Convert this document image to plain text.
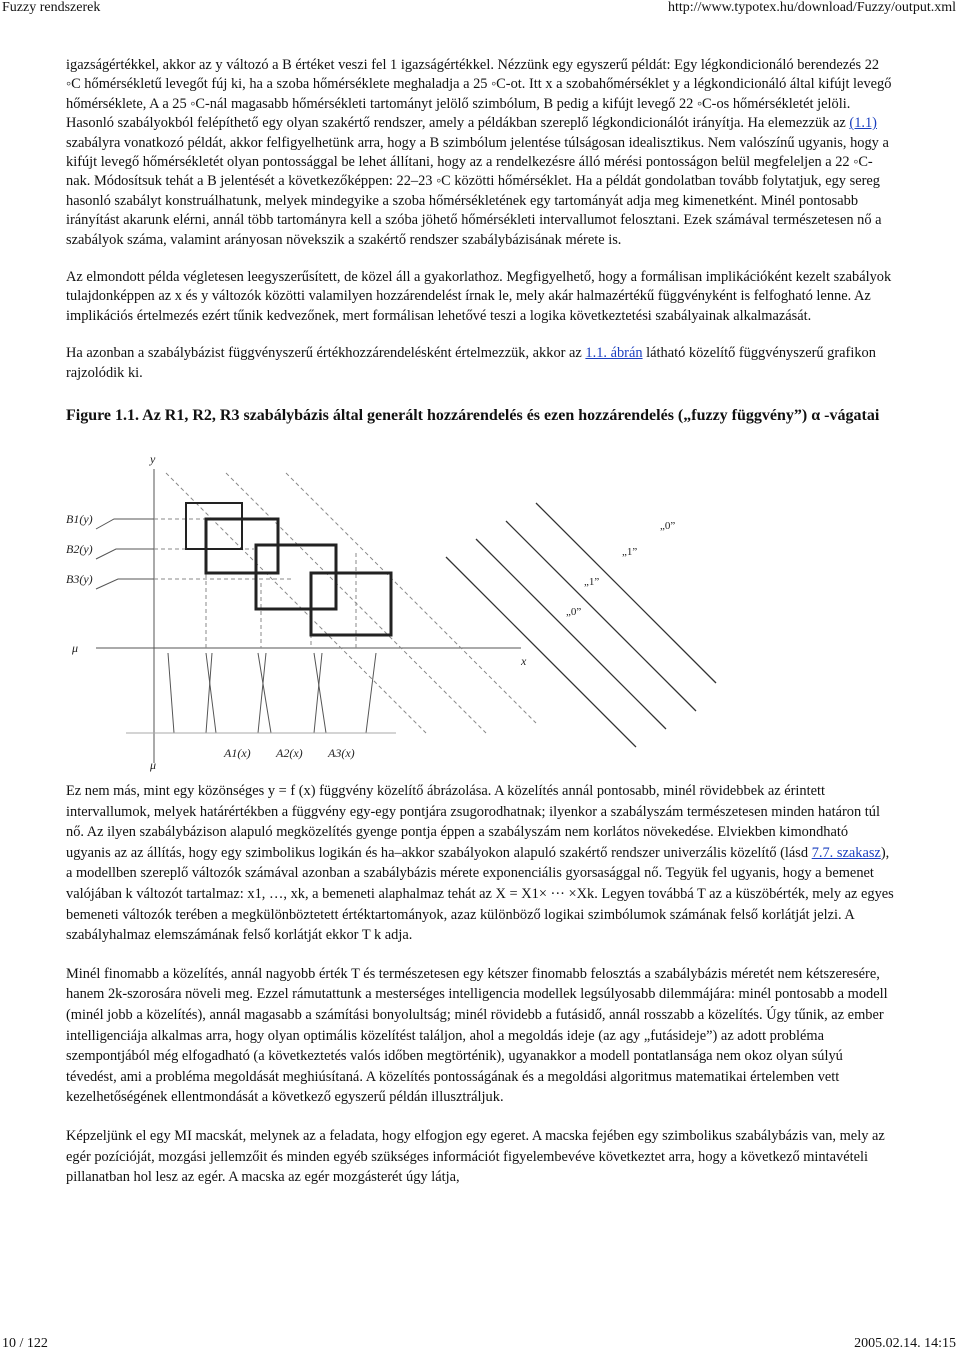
Fuzzy rendszerek	http://www.typotex.hu/download/Fuzzy/output.xml

igazságértékkel, akkor az y változó a B értéket veszi fel 1 igazságértékkel. Nézzünk egy egyszerű példát: Egy légkondicionáló berendezés 22 ◦C hőmérsékletű levegőt fúj ki, ha a szoba hőmérséklete meghaladja a 25 ◦C-ot. Itt x a szobahőmérséklet y a légkondicionáló által kifújt levegő hőmérséklete, A a 25 ◦C-nál magasabb hőmérsékleti tartományt jelölő szimbólum, B pedig a kifújt levegő 22 ◦C-os hőmérsékletét jelöli. Hasonló szabályokból felépíthető egy olyan szakértő rendszer, amely a példákban szereplő légkondicionálót irányítja. Ha elemezzük az (1.1) szabályra vonatkozó példát, akkor felfigyelhetünk arra, hogy a B szimbólum jelentése túlságosan idealisztikus. Nem valószínű ugyanis, hogy a kifújt levegő hőmérsékletét olyan pontossággal be lehet állítani, hogy az a rendelkezésre álló mérési pontosságon belül megfeleljen a 22 ◦C-nak. Módosítsuk tehát a B jelentését a következőképpen: 22–23 ◦C közötti hőmérséklet. Ha a példát gondolatban tovább folytatjuk, egy sereg hasonló szabályt konstruálhatunk, melyek mindegyike a szoba hőmérsékletének egy tartományát adja meg kimenetként. Minél pontosabb irányítást akarunk elérni, annál több tartományra kell a szóba jöhető hőmérsékleti intervallumot felosztani. Ezek számával természetesen nő a szabályok száma, valamint arányosan növekszik a szakértő rendszer szabálybázisának mérete is.

Az elmondott példa végletesen leegyszerűsített, de közel áll a gyakorlathoz. Megfigyelhető, hogy a formálisan implikációként kezelt szabályok tulajdonképpen az x és y változók közötti valamilyen hozzárendelést írnak le, mely akár halmazértékű függvényként is felfogható lenne. Az implikációs értelmezés ezért tűnik kedvezőnek, mert formálisan lehetővé teszi a logika következtetési szabályainak alkalmazását.

Ha azonban a szabálybázist függvényszerű értékhozzárendelésként értelmezzük, akkor az 1.1. ábrán látható közelítő függvényszerű grafikon rajzolódik ki.

Figure 1.1. Az R1, R2, R3 szabálybázis által generált hozzárendelés és ezen hozzárendelés („fuzzy függvény”) α -vágatai
y
x
μ
μ
B1(y)
B2(y)
B3(y)
A1(x) A2(x) A3(x)
„0”
„1”
„1”
„0”

Ez nem más, mint egy közönséges y = f (x) függvény közelítő ábrázolása. A közelítés annál pontosabb, minél rövidebbek az érintett intervallumok, melyek határértékben a függvény egy-egy pontjára zsugorodhatnak; ilyenkor a szabályszám természetesen minden határon túl nő. Az ilyen szabálybázison alapuló megközelítés gyenge pontja éppen a szabályszám nem korlátos növekedése. Elviekben kimondható ugyanis az az állítás, hogy egy szimbolikus logikán és ha–akkor szabályokon alapuló szakértő rendszer univerzális közelítő (lásd 7.7. szakasz), a modellben szereplő változók számával azonban a szabálybázis mérete exponenciális gyorsasággal nő. Tegyük fel ugyanis, hogy a bemenet valójában k változót tartalmaz: x1, …, xk, a bemeneti alaphalmaz tehát az X = X1× ··· ×Xk. Legyen továbbá T az a küszöbérték, mely az egyes bemeneti változók terében a megkülönböztetett értéktartományok, azaz különböző logikai szimbólumok számának felső korlátját jelzi. A szabályhalmaz elemszámának felső korlátját ekkor T k adja.

Minél finomabb a közelítés, annál nagyobb érték T és természetesen egy kétszer finomabb felosztás a szabálybázis méretét nem kétszeresére, hanem 2k-szorosára növeli meg. Ezzel rámutattunk a mesterséges intelligencia modellek legsúlyosabb dilemmájára: minél pontosabb a modell (minél jobb a közelítés), annál magasabb a számítási bonyolultság; minél rövidebb a futásidő, annál rosszabb a közelítés. Úgy tűnik, az ember intelligenciája alkalmas arra, hogy olyan optimális közelítést találjon, ahol a megoldás ideje (az agy „futásideje”) az adott probléma szempontjából még elfogadható (a következtetés valós időben megtörténik), ugyanakkor a modell pontatlansága nem okoz olyan súlyú tévedést, ami a probléma megoldását meghiúsítaná. A közelítés pontosságának és a megoldási algoritmus matematikai értelemben vett kezelhetőségének ellentmondását a következő egyszerű példán illusztráljuk.

Képzeljünk el egy MI macskát, melynek az a feladata, hogy elfogjon egy egeret. A macska fejében egy szimbolikus szabálybázis van, mely az egér pozícióját, mozgási jellemzőit és minden egyéb szükséges információt figyelembevéve következtet arra, hogy a következő mintavételi pillanatban hol lesz az egér. A macska az egér mozgásterét úgy látja,

10 / 122	2005.02.14. 14:15
